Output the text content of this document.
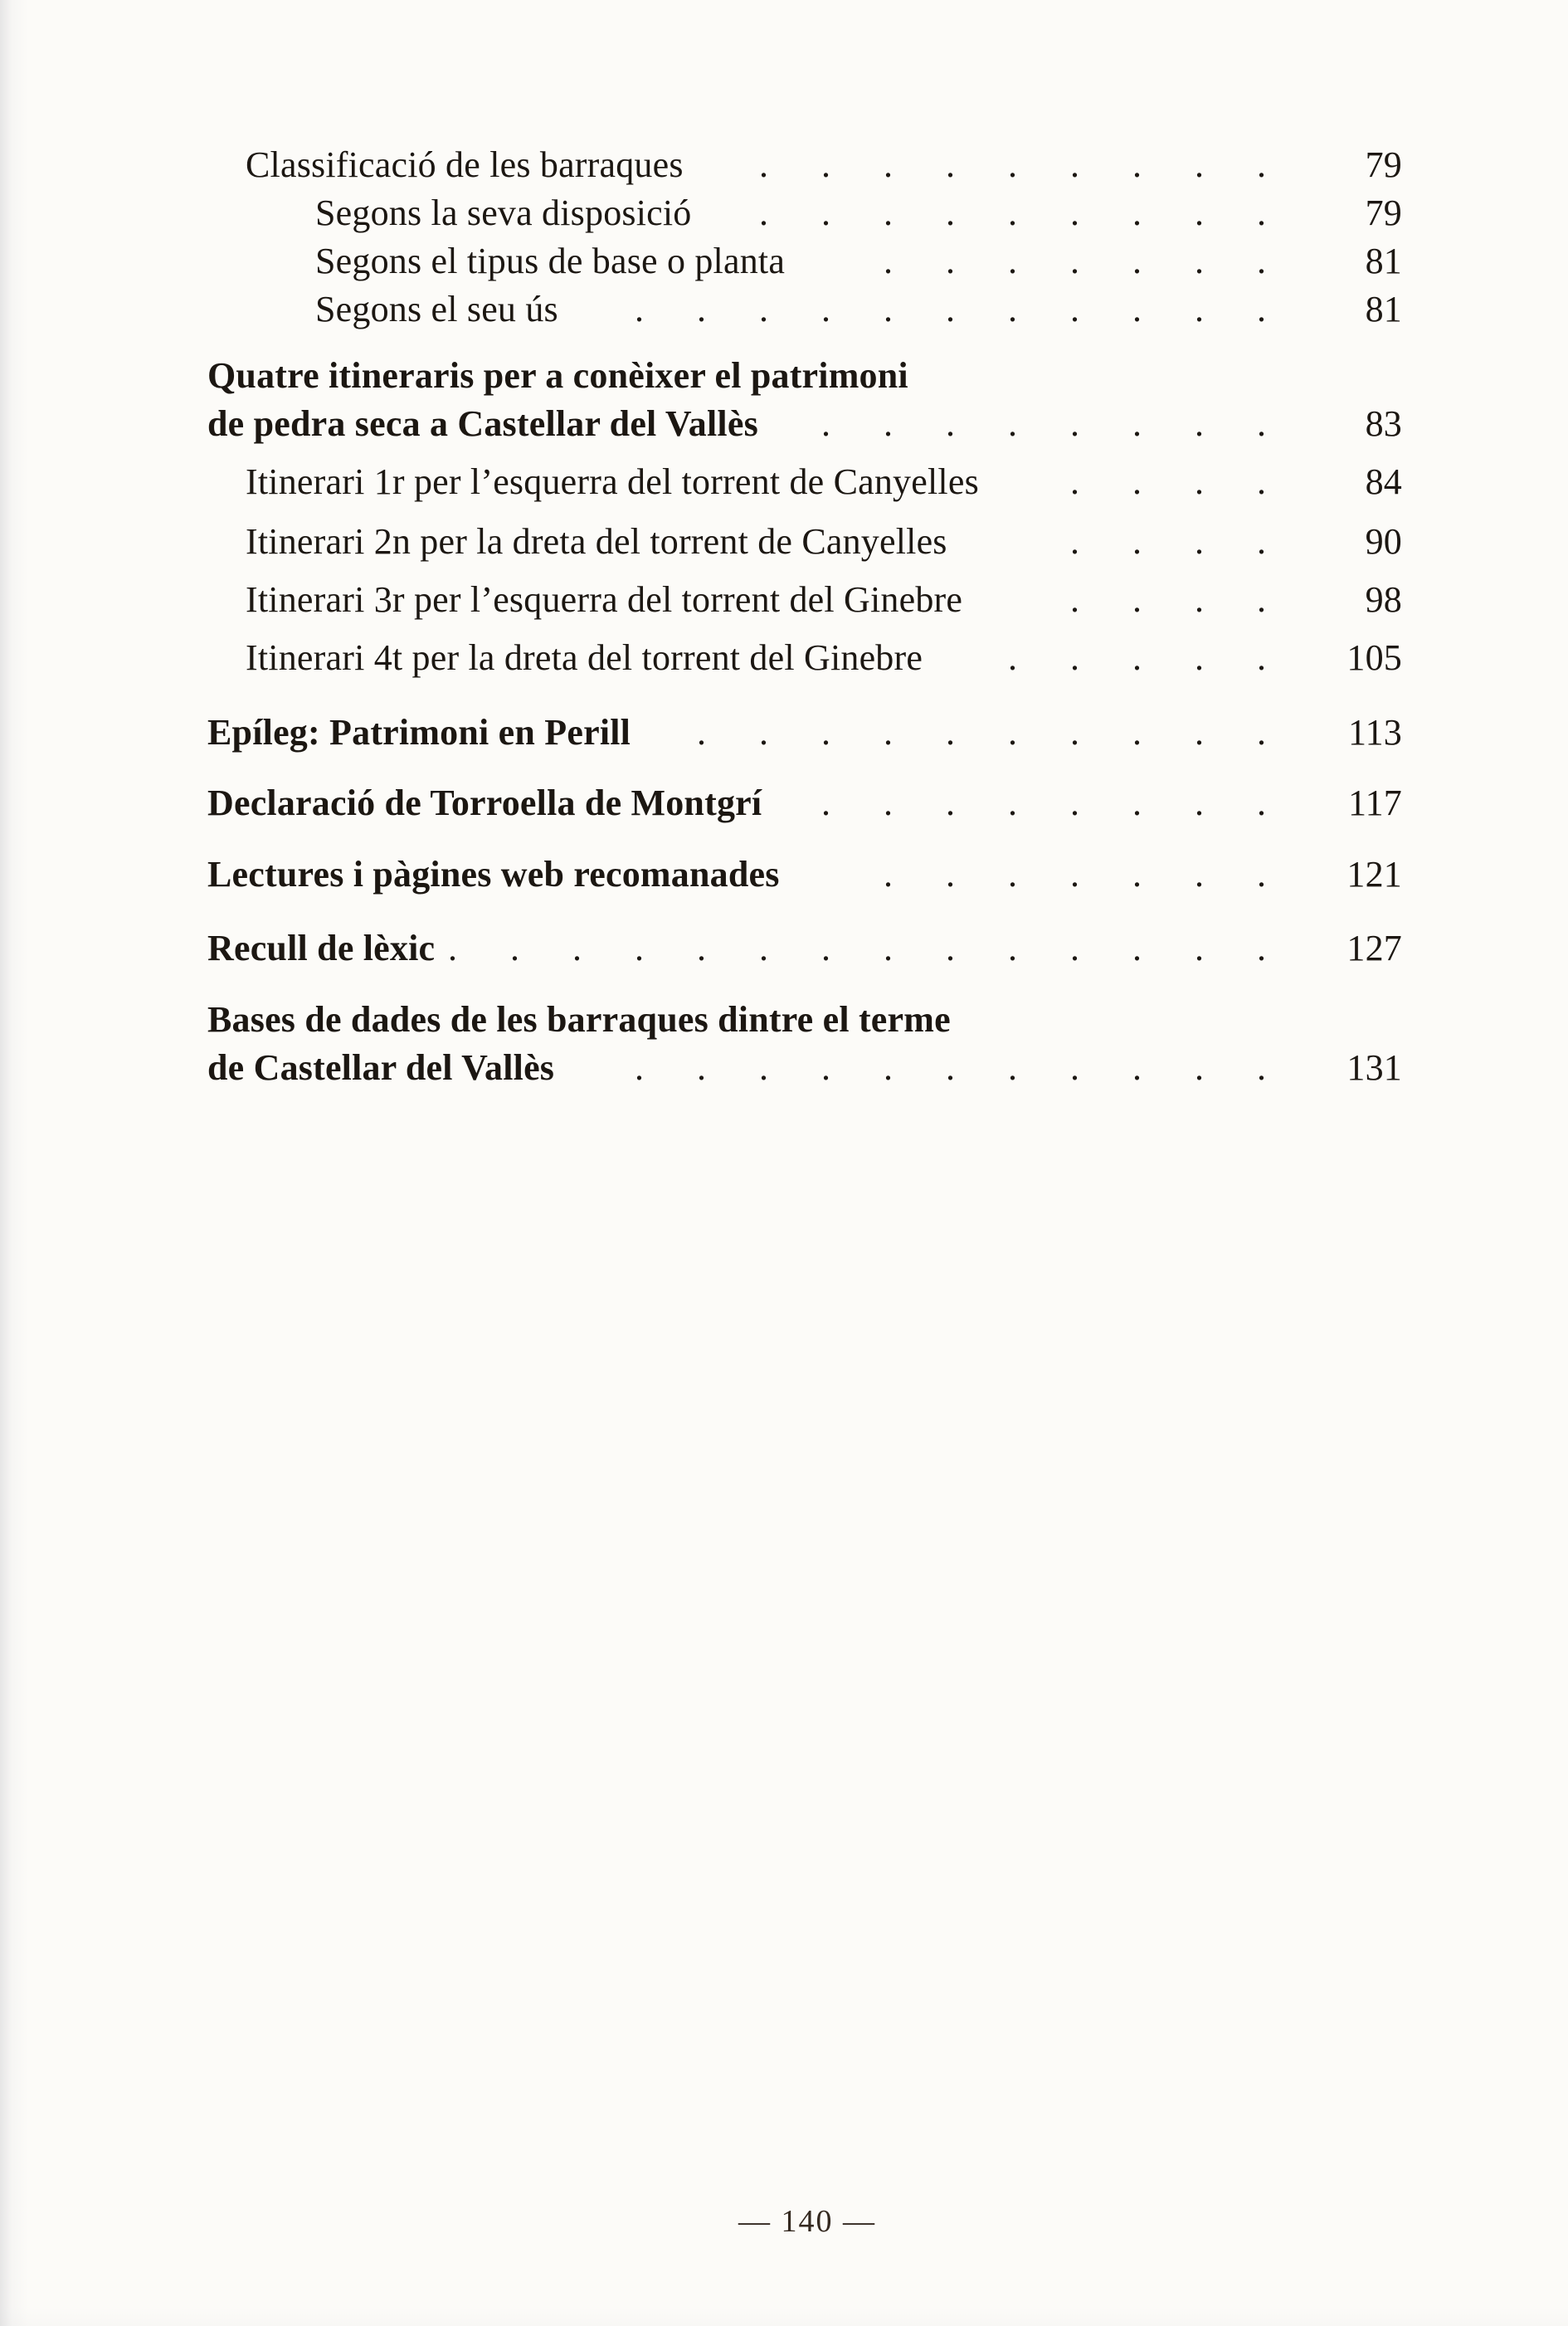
Classificació de les barraques	.........	79
Segons la seva disposició	.........	79
Segons el tipus de base o planta	.......	81
Segons el seu ús	...........	81
Quatre itineraris per a conèixer el patrimoni
de pedra seca a Castellar del Vallès	........	83
Itinerari 1r per l’esquerra del torrent de Canyelles	....	84
Itinerari 2n per la dreta del torrent de Canyelles	....	90
Itinerari 3r per l’esquerra del torrent del Ginebre	....	98
Itinerari 4t per la dreta del torrent del Ginebre	..... 105
Epíleg: Patrimoni en Perill	.......... 113
Declaració de Torroella de Montgrí	........ 117
Lectures i pàgines web recomanades	....... 121
Recull de lèxic .............. 127
Bases de dades de les barraques dintre el terme
de Castellar del Vallès	........... 131
— 140 —
